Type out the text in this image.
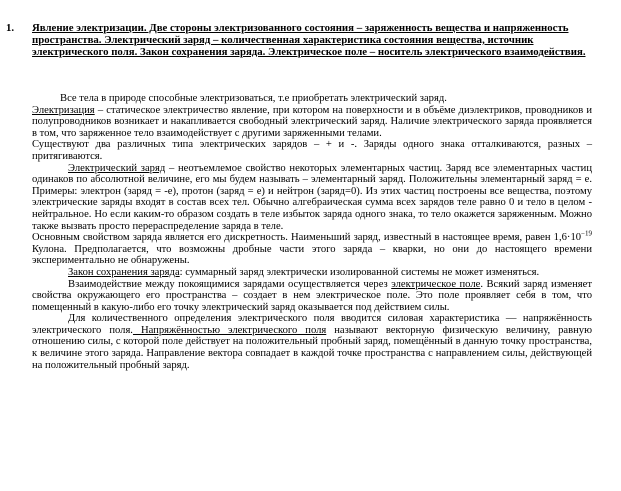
1. Явление электризации. Две стороны электризованного состояния – заряженность вещества и напряженность пространства. Электрический заряд – количественная характеристика состояния вещества, источник электрического поля. Закон сохранения заряда. Электрическое поле – носитель электрического взаимодействия.

Все тела в природе способные электризоваться, т.е приобретать электрический заряд.

Электризация – статическое электричество явление, при котором на поверхности и в объёме диэлектриков, проводников и полупроводников возникает и накапливается свободный электрический заряд. Наличие электрического заряда проявляется в том, что заряженное тело взаимодействует с другими заряженными телами.

Существуют два различных типа электрических зарядов – + и -. Заряды одного знака отталкиваются, разных – притягиваются.

Электрический заряд – неотъемлемое свойство некоторых элементарных частиц. Заряд все элементарных частиц одинаков по абсолютной величине, его мы будем называть – элементарный заряд. Положительны элементарный заряд = е. Примеры: электрон (заряд = -е), протон (заряд = е) и нейтрон (заряд=0). Из этих частиц построены все вещества, поэтому электрические заряды входят в состав всех тел. Обычно алгебраическая сумма всех зарядов теле равно 0 и тело в целом - нейтральное. Но если каким-то образом создать в теле избыток заряда одного знака, то тело окажется заряженным. Можно также вызвать просто перераспределение заряда в теле.

Основным свойством заряда является его дискретность. Наименьший заряд, известный в настоящее время, равен $1,6\cdot 10^{-19}$ Кулона. Предполагается, что возможны дробные части этого заряда – кварки, но они до настоящего времени экспериментально не обнаружены.

Закон сохранения заряда: суммарный заряд электрически изолированной системы не может изменяться.

Взаимодействие между покоящимися зарядами осуществляется через электрическое поле. Всякий заряд изменяет свойства окружающего его пространства – создает в нем электрическое поле. Это поле проявляет себя в том, что помещенный в какую-либо его точку электрический заряд оказывается под действием силы.

Для количественного определения электрического поля вводится силовая характеристика — напряжённость электрического поля. Напряжённостью электрического поля называют векторную физическую величину, равную отношению силы, с которой поле действует на положительный пробный заряд, помещённый в данную точку пространства, к величине этого заряда. Направление вектора совпадает в каждой точке пространства с направлением силы, действующей на положительный пробный заряд.
